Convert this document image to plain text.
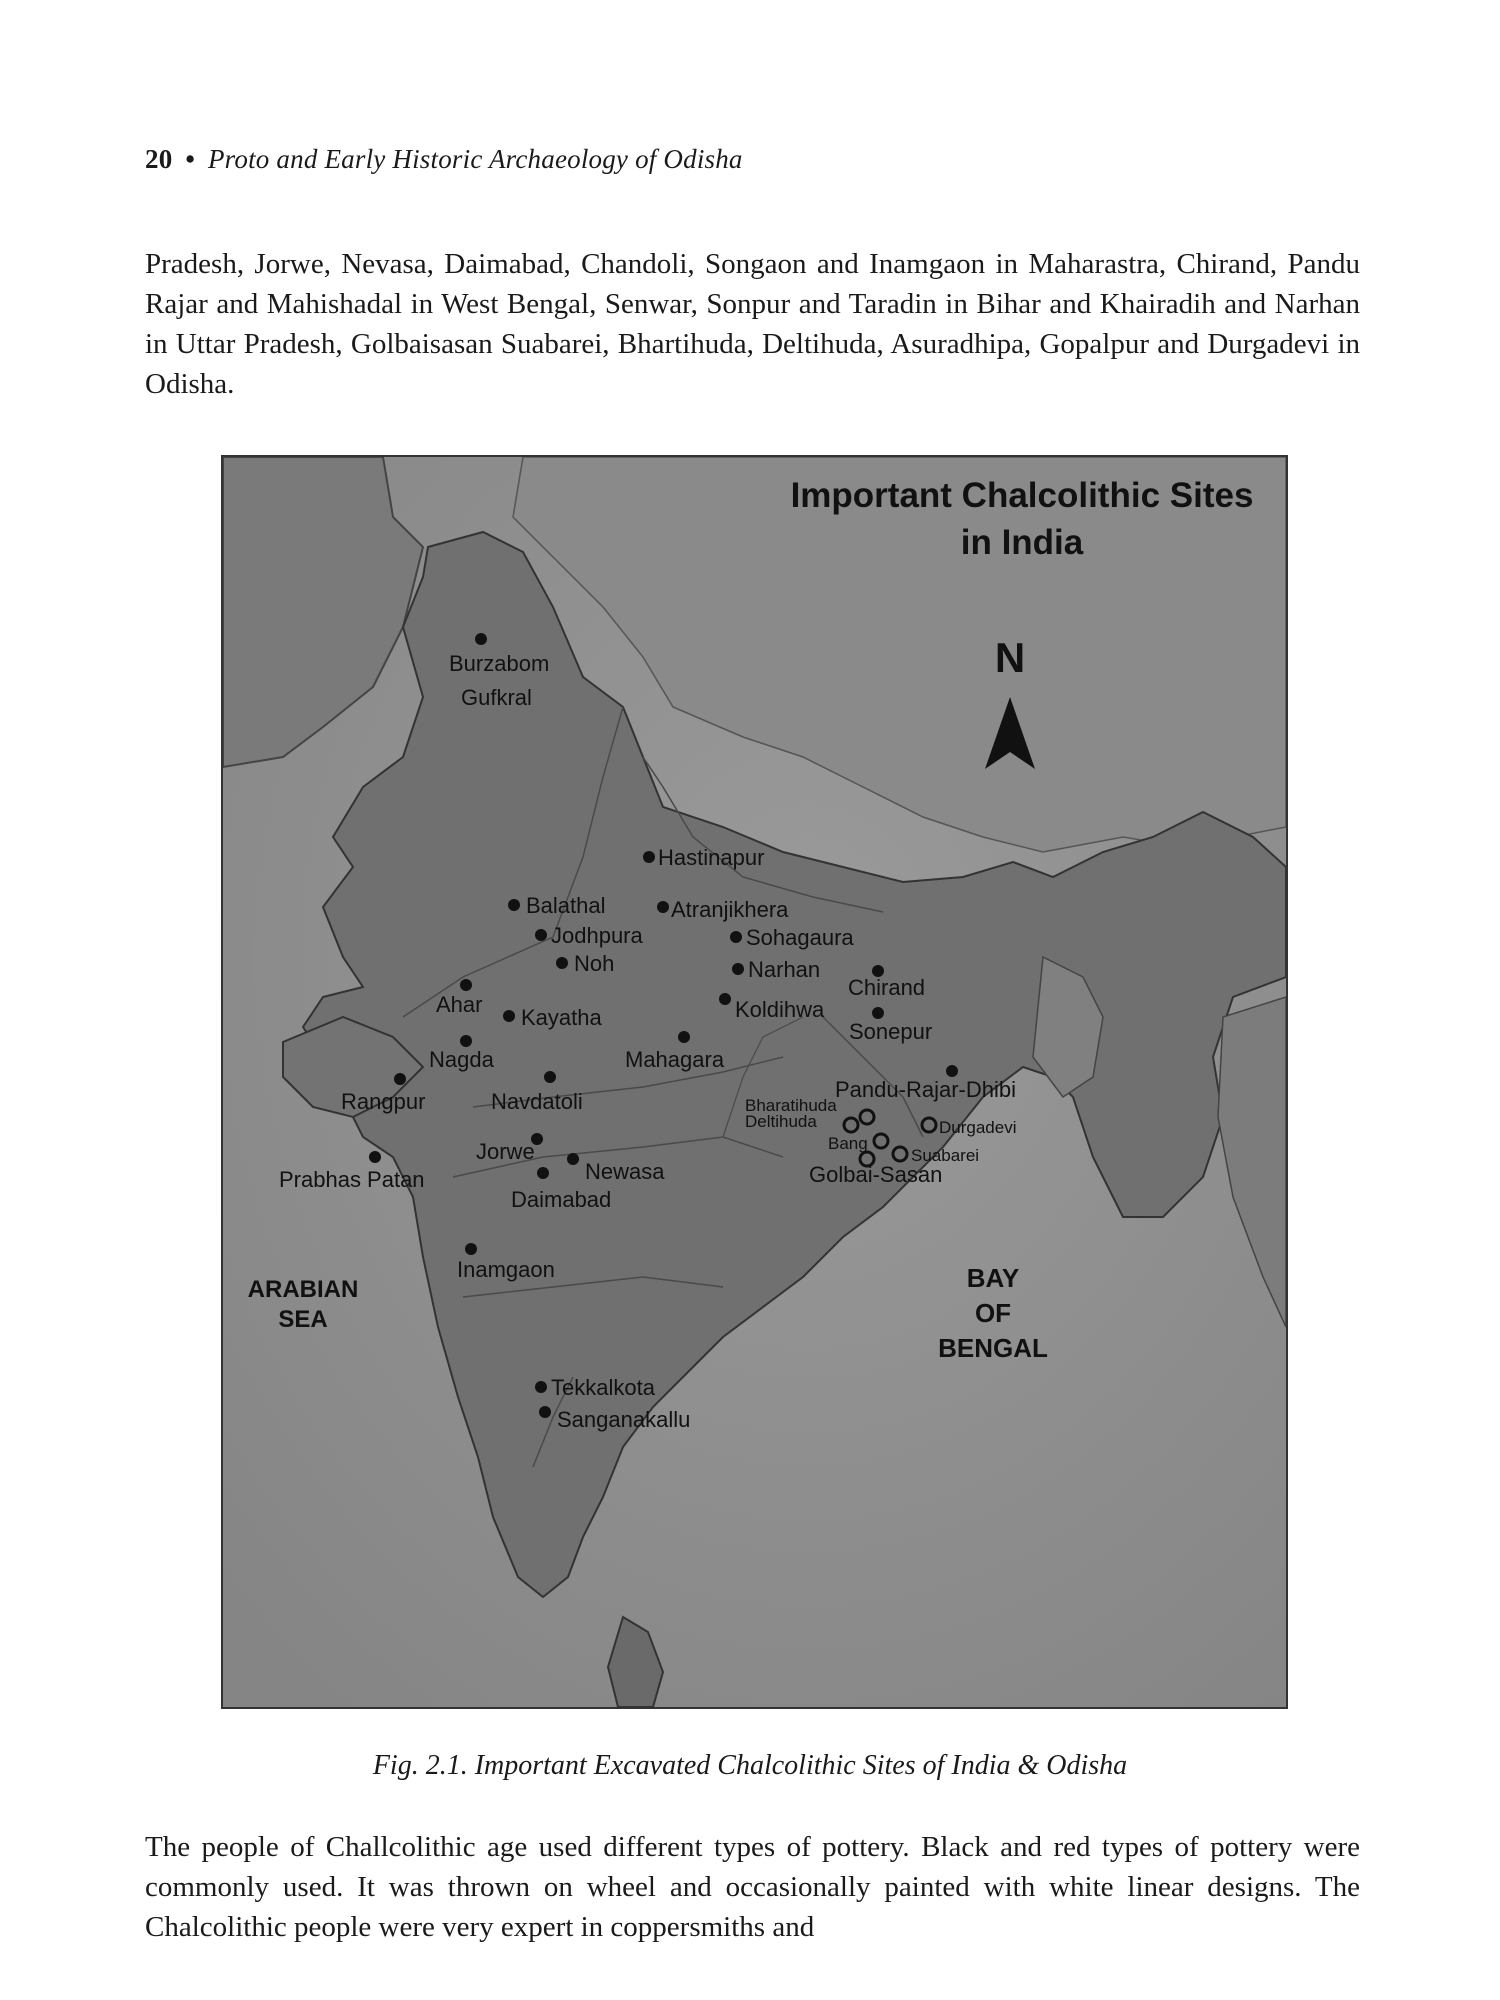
20 • Proto and Early Historic Archaeology of Odisha

Pradesh, Jorwe, Nevasa, Daimabad, Chandoli, Songaon and Inamgaon in Maharastra, Chirand, Pandu Rajar and Mahishadal in West Bengal, Senwar, Sonpur and Taradin in Bihar and Khairadih and Narhan in Uttar Pradesh, Golbaisasan Suabarei, Bhartihuda, Deltihuda, Asuradhipa, Gopalpur and Durgadevi in Odisha.

Important Chalcolithic Sites
in India
N
ARABIAN
SEA
BAY
OF
BENGAL
Burzabom
Gufkral
Hastinapur
Balathal	Atranjikhera
Jodhpura	Sohagaura
Noh	Narhan
Chirand
Ahar
Kayatha	Koldihwa
Sonepur
Nagda	Mahagara
Pandu-Rajar-Dhibi
Rangpur	Navdatoli	Bharatihuda
Deltihuda	Durgadevi
Bang
Suabarei
Golbai-Sasan
Jorwe
Newasa
Prabhas Patan
Daimabad
Inamgaon
Tekkalkota
Sanganakallu
Fig. 2.1. Important Excavated Chalcolithic Sites of India & Odisha

The people of Challcolithic age used different types of pottery. Black and red types of pottery were commonly used. It was thrown on wheel and occasionally painted with white linear designs. The Chalcolithic people were very expert in coppersmiths and
